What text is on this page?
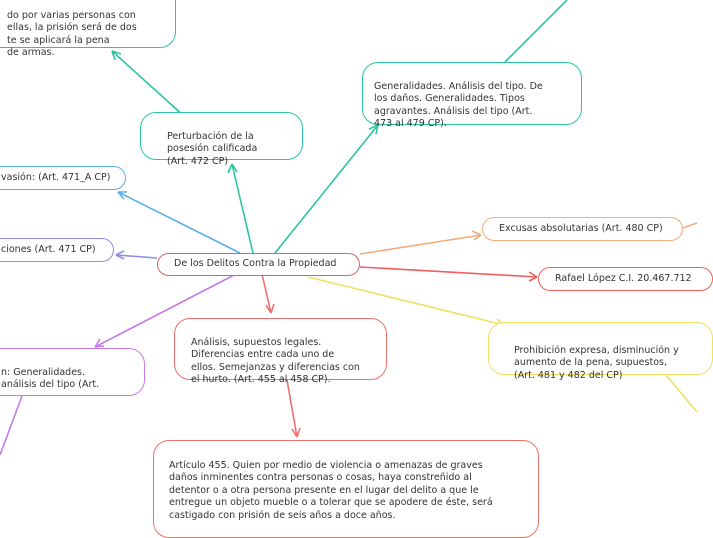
do por varias personas con
ellas, la prisión será de dos
te se aplicará la pena
de armas.

Perturbación de la
posesión calificada
(Art. 472 CP)

Generalidades. Análisis del tipo. De
los daños. Generalidades. Tipos
agravantes. Análisis del tipo (Art.
473 al 479 CP).

vasión: (Art. 471_A CP)
ciones (Art. 471 CP)
De los Delitos Contra la Propiedad
Excusas absolutarias (Art. 480 CP)
Rafael López C.I. 20.467.712

Prohibición expresa, disminución y
aumento de la pena, supuestos,
(Art. 481 y 482 del CP)

Análisis, supuestos legales.
Diferencias entre cada uno de
ellos. Semejanzas y diferencias con
el hurto. (Art. 455 al 458 CP).

n: Generalidades.
análisis del tipo (Art.

Artículo 455. Quien por medio de violencia o amenazas de graves
daños inminentes contra personas o cosas, haya constreñido al
detentor o a otra persona presente en el lugar del delito a que le
entregue un objeto mueble o a tolerar que se apodere de éste, será
castigado con prisión de seis años a doce años.
